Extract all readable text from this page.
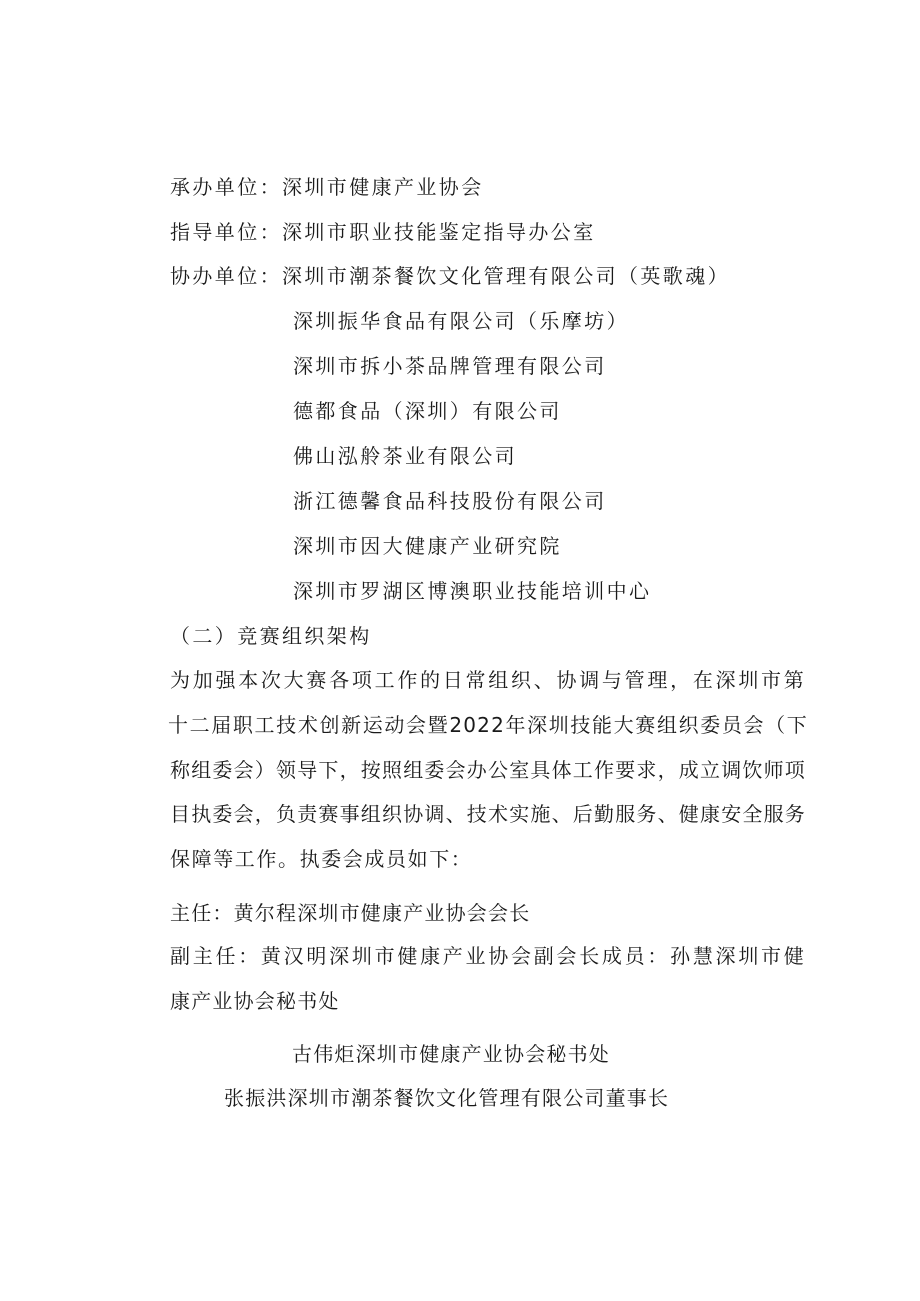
承办单位：深圳市健康产业协会
指导单位：深圳市职业技能鉴定指导办公室
协办单位：深圳市潮茶餐饮文化管理有限公司（英歌魂）
深圳振华食品有限公司（乐摩坊）
深圳市拆小茶品牌管理有限公司
德都食品（深圳）有限公司
佛山泓舲茶业有限公司
浙江德馨食品科技股份有限公司
深圳市因大健康产业研究院
深圳市罗湖区博澳职业技能培训中心
（二）竞赛组织架构
为加强本次大赛各项工作的日常组织、协调与管理，在深圳市第
十二届职工技术创新运动会暨2022年深圳技能大赛组织委员会（下
称组委会）领导下，按照组委会办公室具体工作要求，成立调饮师项
目执委会，负责赛事组织协调、技术实施、后勤服务、健康安全服务
保障等工作。执委会成员如下：
主任：黄尔程深圳市健康产业协会会长
副主任：黄汉明深圳市健康产业协会副会长成员：孙慧深圳市健
康产业协会秘书处
古伟炬深圳市健康产业协会秘书处
张振洪深圳市潮茶餐饮文化管理有限公司董事长
